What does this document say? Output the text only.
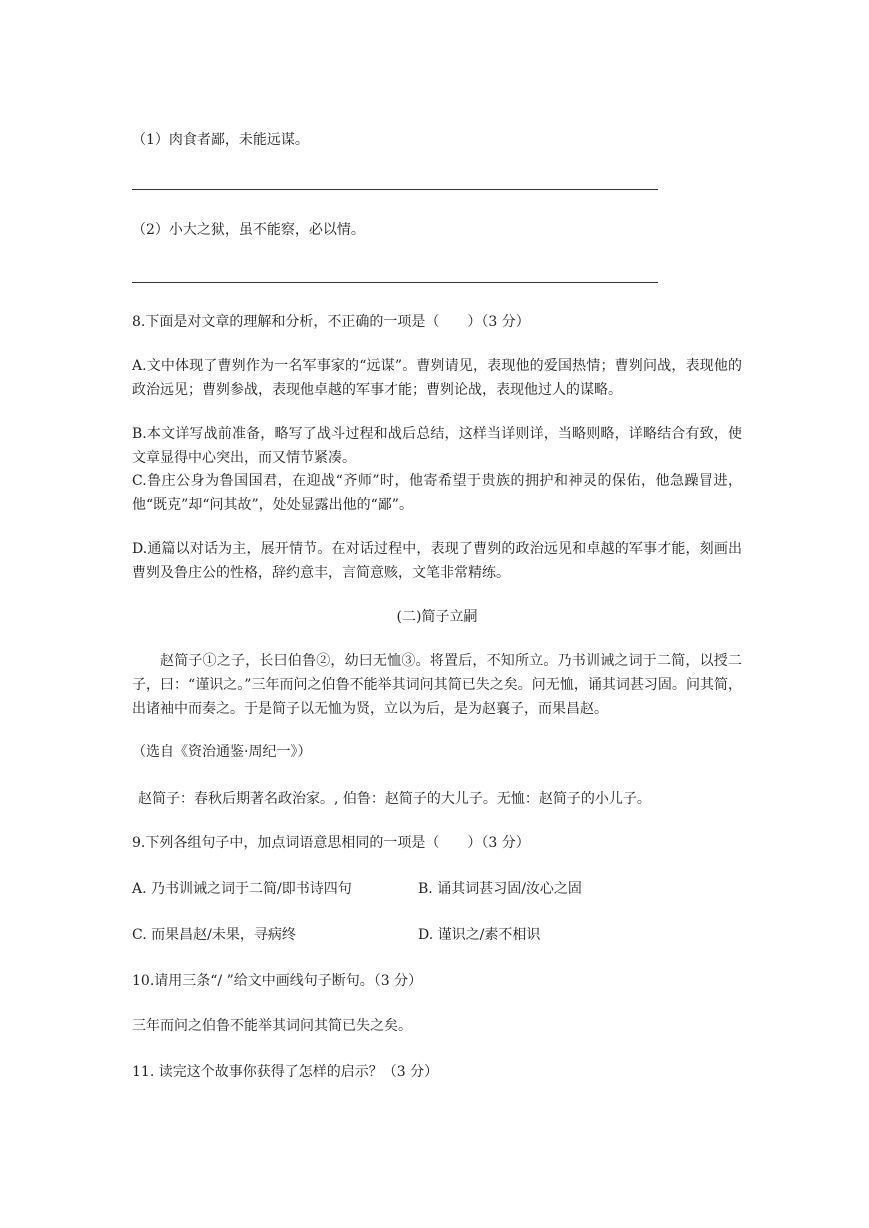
（1）肉食者鄙，未能远谋。
（2）小大之狱，虽不能察，必以情。
8.下面是对文章的理解和分析，不正确的一项是（　　）（3 分）
A.文中体现了曹刿作为一名军事家的“远谋”。曹刿请见，表现他的爱国热情；曹刿问战，表现他的政治远见；曹刿参战，表现他卓越的军事才能；曹刿论战，表现他过人的谋略。
B.本文详写战前准备，略写了战斗过程和战后总结，这样当详则详，当略则略，详略结合有致，使文章显得中心突出，而又情节紧凑。
C.鲁庄公身为鲁国国君，在迎战“齐师”时，他寄希望于贵族的拥护和神灵的保佑，他急躁冒进，他“既克”却“问其故”，处处显露出他的“鄙”。
D.通篇以对话为主，展开情节。在对话过程中，表现了曹刿的政治远见和卓越的军事才能，刻画出曹刿及鲁庄公的性格，辞约意丰，言简意赅，文笔非常精练。
(二)简子立嗣
赵简子①之子，长曰伯鲁②，幼曰无恤③。将置后，不知所立。乃书训诫之词于二简，以授二子，曰：“谨识之。”三年而问之伯鲁不能举其词问其简已失之矣。问无恤，诵其词甚习固。问其简，出诸袖中而奏之。于是简子以无恤为贤，立以为后，是为赵襄子，而果昌赵。
（选自《资治通鉴·周纪一》）
赵简子：春秋后期著名政治家。, 伯鲁：赵简子的大儿子。无恤：赵简子的小儿子。
9.下列各组句子中，加点词语意思相同的一项是（　　）（3 分）
A. 乃书训诫之词于二简/即书诗四句	B. 诵其词甚习固/汝心之固
C. 而果昌赵/未果，寻病终	D. 谨识之/素不相识
10.请用三条“/ ”给文中画线句子断句。（3 分）
三年而问之伯鲁不能举其词问其简已失之矣。
11. 读完这个故事你获得了怎样的启示？（3 分）
